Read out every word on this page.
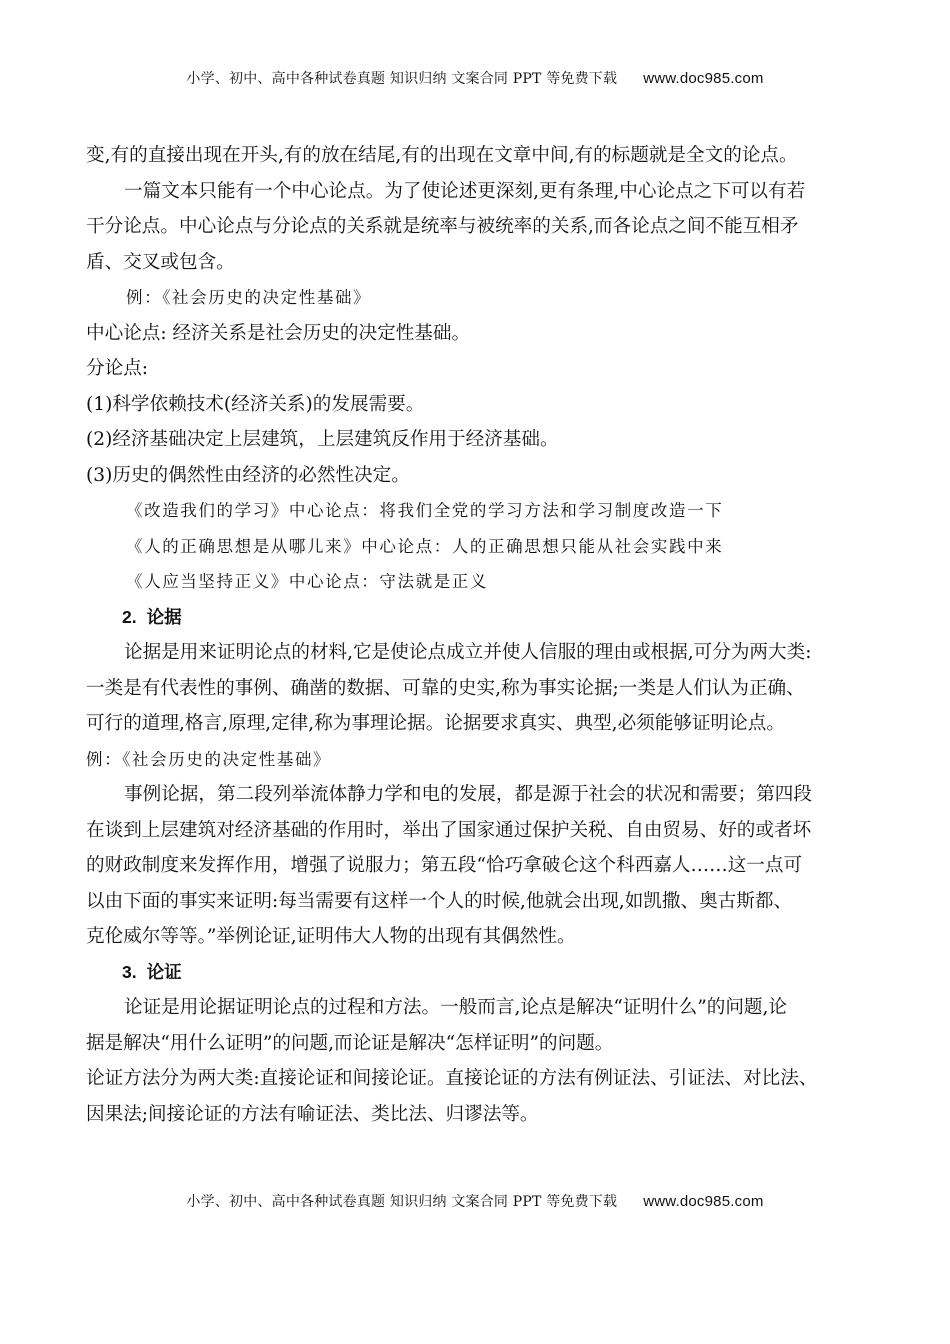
小学、初中、高中各种试卷真题 知识归纳 文案合同 PPT 等免费下载 www.doc985.com

变,有的直接出现在开头,有的放在结尾,有的出现在文章中间,有的标题就是全文的论点。

一篇文本只能有一个中心论点。为了使论述更深刻,更有条理,中心论点之下可以有若

干分论点。中心论点与分论点的关系就是统率与被统率的关系,而各论点之间不能互相矛

盾、交叉或包含。

例：《社会历史的决定性基础》

中心论点: 经济关系是社会历史的决定性基础。

分论点:

(1)科学依赖技术(经济关系)的发展需要。

(2)经济基础决定上层建筑，上层建筑反作用于经济基础。

(3)历史的偶然性由经济的必然性决定。

《改造我们的学习》中心论点：将我们全党的学习方法和学习制度改造一下

《人的正确思想是从哪儿来》中心论点：人的正确思想只能从社会实践中来

《人应当坚持正义》中心论点：守法就是正义

2. 论据

论据是用来证明论点的材料,它是使论点成立并使人信服的理由或根据,可分为两大类:

一类是有代表性的事例、确凿的数据、可靠的史实,称为事实论据;一类是人们认为正确、

可行的道理,格言,原理,定律,称为事理论据。论据要求真实、典型,必须能够证明论点。

例：《社会历史的决定性基础》

事例论据，第二段列举流体静力学和电的发展，都是源于社会的状况和需要；第四段

在谈到上层建筑对经济基础的作用时，举出了国家通过保护关税、自由贸易、好的或者坏

的财政制度来发挥作用，增强了说服力；第五段“恰巧拿破仑这个科西嘉人……这一点可

以由下面的事实来证明:每当需要有这样一个人的时候,他就会出现,如凯撒、奥古斯都、

克伦威尔等等。”举例论证,证明伟大人物的出现有其偶然性。

3. 论证

论证是用论据证明论点的过程和方法。一般而言,论点是解决“证明什么”的问题,论

据是解决“用什么证明”的问题,而论证是解决“怎样证明”的问题。

论证方法分为两大类:直接论证和间接论证。直接论证的方法有例证法、引证法、对比法、

因果法;间接论证的方法有喻证法、类比法、归谬法等。

小学、初中、高中各种试卷真题 知识归纳 文案合同 PPT 等免费下载 www.doc985.com
